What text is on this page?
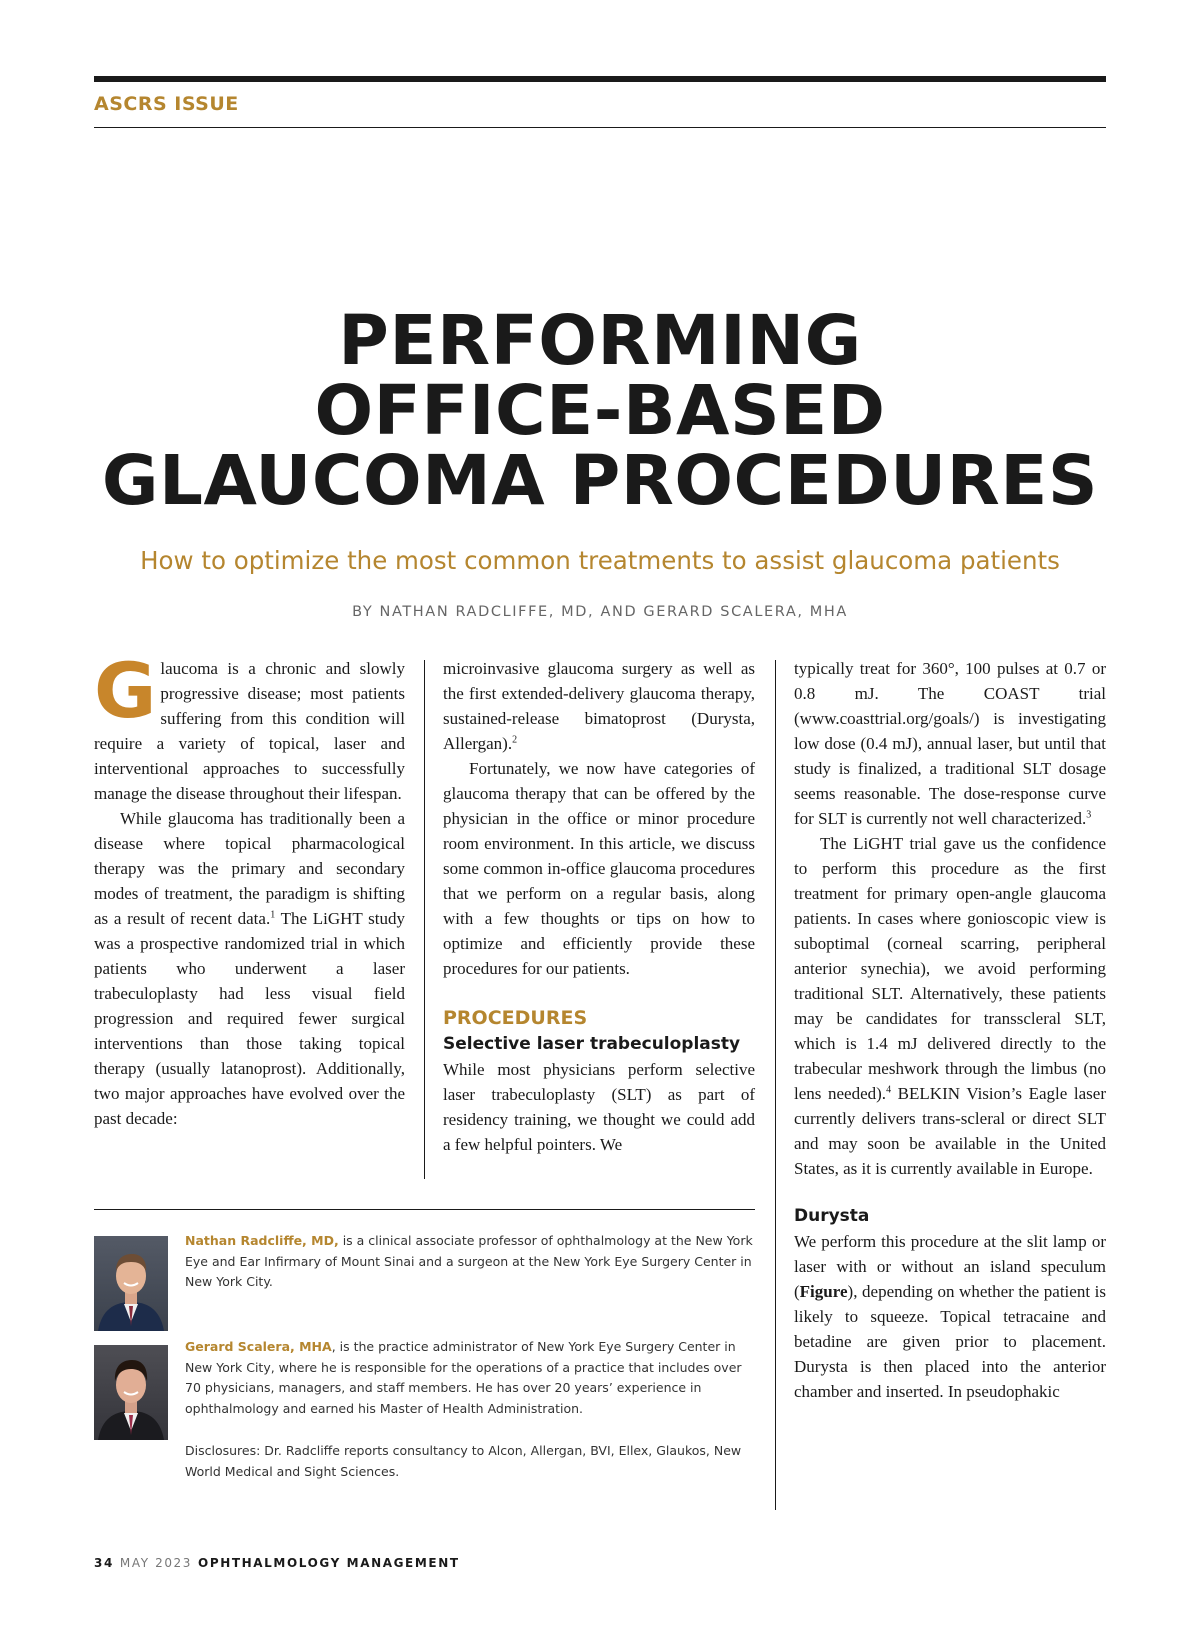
ASCRS ISSUE
PERFORMING
OFFICE-BASED
GLAUCOMA PROCEDURES
How to optimize the most common treatments to assist glaucoma patients
BY NATHAN RADCLIFFE, MD, AND GERARD SCALERA, MHA

Glaucoma is a chronic and slowly progressive disease; most patients suffering from this condition will require a variety of topical, laser and interventional approaches to successfully manage the disease throughout their lifespan.

While glaucoma has traditionally been a disease where topical pharmacological therapy was the primary and secondary modes of treatment, the paradigm is shifting as a result of recent data.$^1$ The LiGHT study was a prospective randomized trial in which patients who underwent a laser trabeculoplasty had less visual field progression and required fewer surgical interventions than those taking topical therapy (usually latanoprost). Additionally, two major approaches have evolved over the past decade:

microinvasive glaucoma surgery as well as the first extended-delivery glaucoma therapy, sustained-release bimatoprost (Durysta, Allergan).$^2$

Fortunately, we now have categories of glaucoma therapy that can be offered by the physician in the office or minor procedure room environment. In this article, we discuss some common in-office glaucoma procedures that we perform on a regular basis, along with a few thoughts or tips on how to optimize and efficiently provide these procedures for our patients.

PROCEDURES
Selective laser trabeculoplasty

While most physicians perform selective laser trabeculoplasty (SLT) as part of residency training, we thought we could add a few helpful pointers. We

typically treat for 360°, 100 pulses at 0.7 or 0.8 mJ. The COAST trial (www.coasttrial.org/goals/) is investigating low dose (0.4 mJ), annual laser, but until that study is finalized, a traditional SLT dosage seems reasonable. The dose-response curve for SLT is currently not well characterized.$^3$

The LiGHT trial gave us the confidence to perform this procedure as the first treatment for primary open-angle glaucoma patients. In cases where gonioscopic view is suboptimal (corneal scarring, peripheral anterior synechia), we avoid performing traditional SLT. Alternatively, these patients may be candidates for transscleral SLT, which is 1.4 mJ delivered directly to the trabecular meshwork through the limbus (no lens needed).$^4$ BELKIN Vision’s Eagle laser currently delivers trans-scleral or direct SLT and may soon be available in the United States, as it is currently available in Europe.

Durysta

We perform this procedure at the slit lamp or laser with or without an island speculum (Figure), depending on whether the patient is likely to squeeze. Topical tetracaine and betadine are given prior to placement. Durysta is then placed into the anterior chamber and inserted. In pseudophakic

Nathan Radcliffe, MD, is a clinical associate professor of ophthalmology at the New York Eye and Ear Infirmary of Mount Sinai and a surgeon at the New York Eye Surgery Center in New York City.
Gerard Scalera, MHA, is the practice administrator of New York Eye Surgery Center in New York City, where he is responsible for the operations of a practice that includes over 70 physicians, managers, and staff members. He has over 20 years’ experience in ophthalmology and earned his Master of Health Administration.
Disclosures: Dr. Radcliffe reports consultancy to Alcon, Allergan, BVI, Ellex, Glaukos, New World Medical and Sight Sciences.
34 MAY 2023 OPHTHALMOLOGY MANAGEMENT
